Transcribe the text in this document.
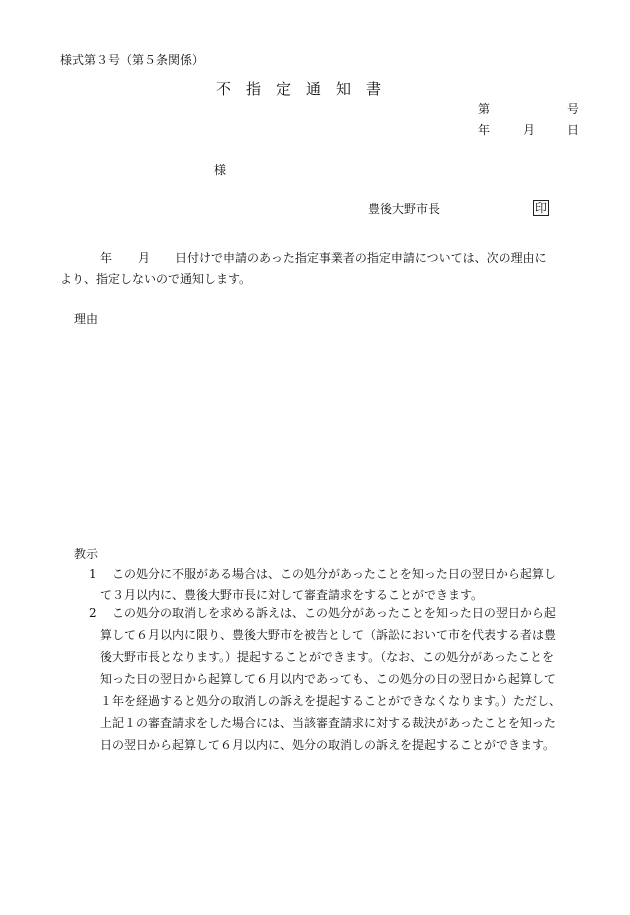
様式第３号（第５条関係）
不　指　定　通　知　書
第	号
年	月	日
様
豊後大野市長	印
年 月 日付けで申請のあった指定事業者の指定申請については、次の理由に
より、指定しないので通知します。
理由
教示
1 この処分に不服がある場合は、この処分があったことを知った日の翌日から起算し
て３月以内に、豊後大野市長に対して審査請求をすることができます。
2 この処分の取消しを求める訴えは、この処分があったことを知った日の翌日から起
算して６月以内に限り、豊後大野市を被告として（訴訟において市を代表する者は豊
後大野市長となります。）提起することができます。（なお、この処分があったことを
知った日の翌日から起算して６月以内であっても、この処分の日の翌日から起算して
１年を経過すると処分の取消しの訴えを提起することができなくなります。）ただし、
上記１の審査請求をした場合には、当該審査請求に対する裁決があったことを知った
日の翌日から起算して６月以内に、処分の取消しの訴えを提起することができます。
